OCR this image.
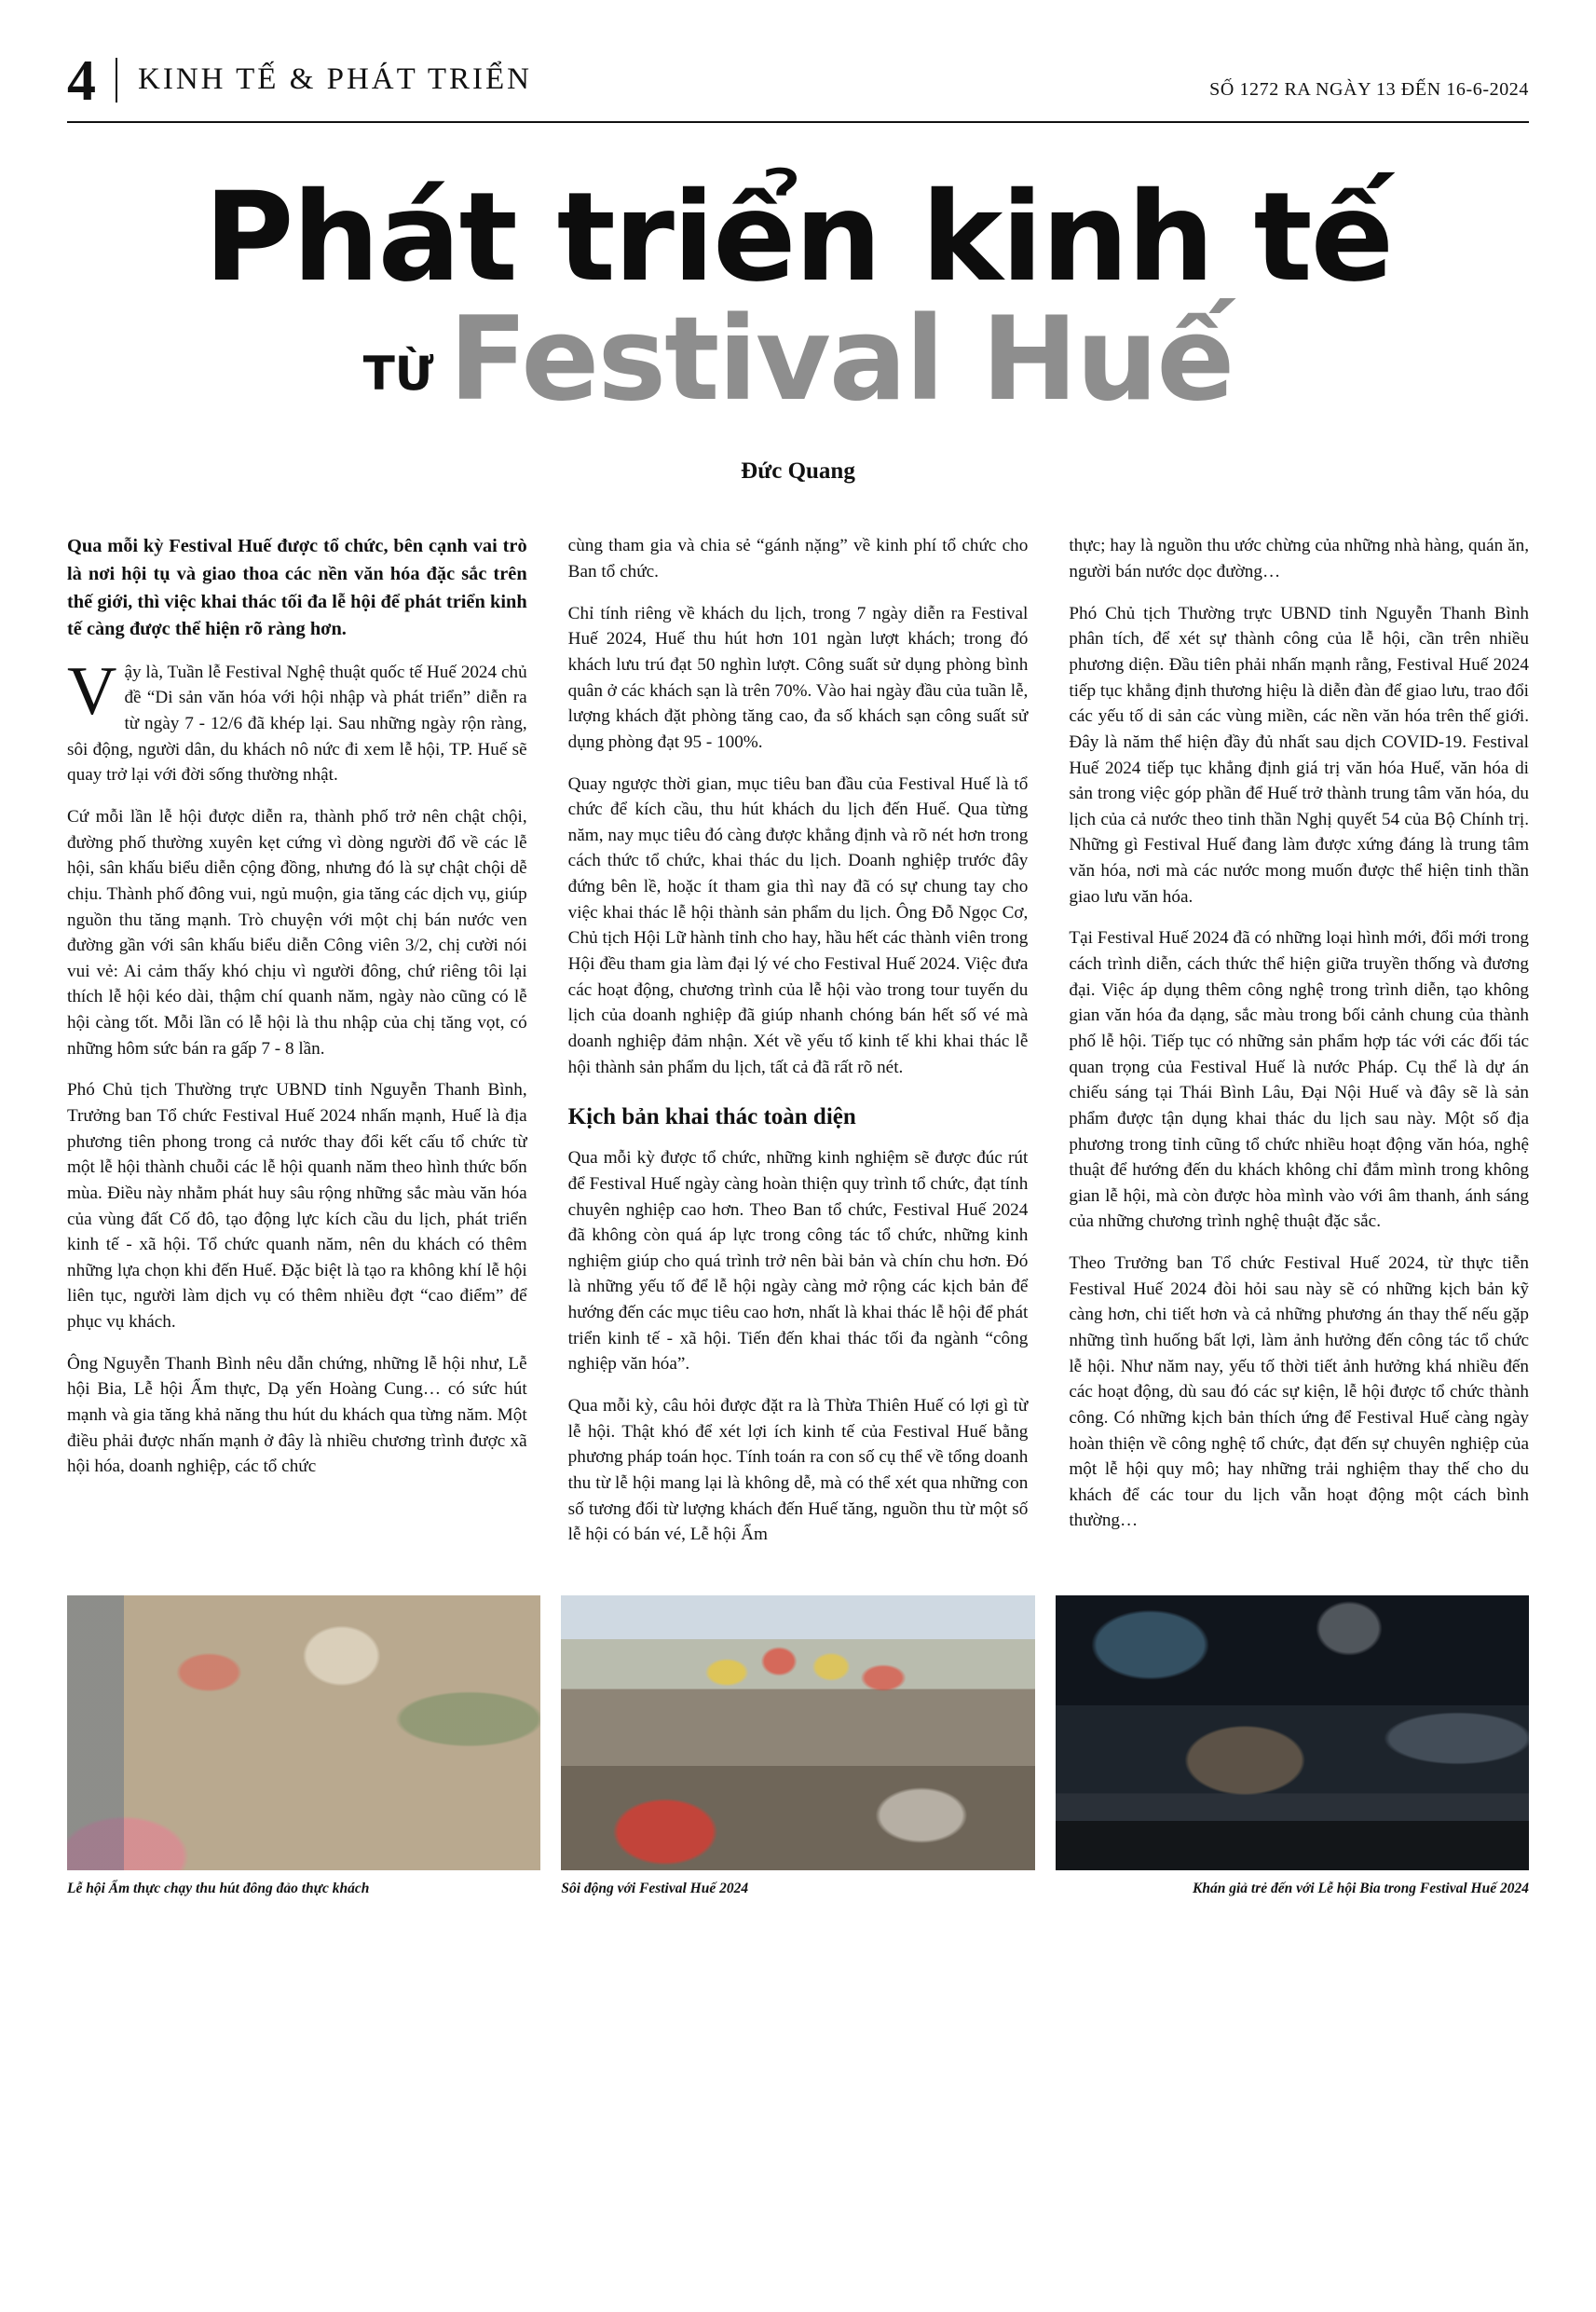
4 KINH TẾ & PHÁT TRIỂN	SỐ 1272 RA NGÀY 13 ĐẾN 16-6-2024
Phát triển kinh tế
TỪ Festival Huế
Đức Quang

Qua mỗi kỳ Festival Huế được tổ chức, bên cạnh vai trò là nơi hội tụ và giao thoa các nền văn hóa đặc sắc trên thế giới, thì việc khai thác tối đa lễ hội để phát triển kinh tế càng được thể hiện rõ ràng hơn.

Vậy là, Tuần lễ Festival Nghệ thuật quốc tế Huế 2024 chủ đề “Di sản văn hóa với hội nhập và phát triển” diễn ra từ ngày 7 - 12/6 đã khép lại. Sau những ngày rộn ràng, sôi động, người dân, du khách nô nức đi xem lễ hội, TP. Huế sẽ quay trở lại với đời sống thường nhật.

Cứ mỗi lần lễ hội được diễn ra, thành phố trở nên chật chội, đường phố thường xuyên kẹt cứng vì dòng người đổ về các lễ hội, sân khấu biểu diễn cộng đồng, nhưng đó là sự chật chội dễ chịu. Thành phố đông vui, ngủ muộn, gia tăng các dịch vụ, giúp nguồn thu tăng mạnh. Trò chuyện với một chị bán nước ven đường gần với sân khấu biểu diễn Công viên 3/2, chị cười nói vui vẻ: Ai cảm thấy khó chịu vì người đông, chứ riêng tôi lại thích lễ hội kéo dài, thậm chí quanh năm, ngày nào cũng có lễ hội càng tốt. Mỗi lần có lễ hội là thu nhập của chị tăng vọt, có những hôm sức bán ra gấp 7 - 8 lần.

Phó Chủ tịch Thường trực UBND tỉnh Nguyễn Thanh Bình, Trưởng ban Tổ chức Festival Huế 2024 nhấn mạnh, Huế là địa phương tiên phong trong cả nước thay đổi kết cấu tổ chức từ một lễ hội thành chuỗi các lễ hội quanh năm theo hình thức bốn mùa. Điều này nhằm phát huy sâu rộng những sắc màu văn hóa của vùng đất Cố đô, tạo động lực kích cầu du lịch, phát triển kinh tế - xã hội. Tổ chức quanh năm, nên du khách có thêm những lựa chọn khi đến Huế. Đặc biệt là tạo ra không khí lễ hội liên tục, người làm dịch vụ có thêm nhiều đợt “cao điểm” để phục vụ khách.

Ông Nguyễn Thanh Bình nêu dẫn chứng, những lễ hội như, Lễ hội Bia, Lễ hội Ẩm thực, Dạ yến Hoàng Cung… có sức hút mạnh và gia tăng khả năng thu hút du khách qua từng năm. Một điều phải được nhấn mạnh ở đây là nhiều chương trình được xã hội hóa, doanh nghiệp, các tổ chức

cùng tham gia và chia sẻ “gánh nặng” về kinh phí tổ chức cho Ban tổ chức.

Chỉ tính riêng về khách du lịch, trong 7 ngày diễn ra Festival Huế 2024, Huế thu hút hơn 101 ngàn lượt khách; trong đó khách lưu trú đạt 50 nghìn lượt. Công suất sử dụng phòng bình quân ở các khách sạn là trên 70%. Vào hai ngày đầu của tuần lễ, lượng khách đặt phòng tăng cao, đa số khách sạn công suất sử dụng phòng đạt 95 - 100%.

Quay ngược thời gian, mục tiêu ban đầu của Festival Huế là tổ chức để kích cầu, thu hút khách du lịch đến Huế. Qua từng năm, nay mục tiêu đó càng được khẳng định và rõ nét hơn trong cách thức tổ chức, khai thác du lịch. Doanh nghiệp trước đây đứng bên lề, hoặc ít tham gia thì nay đã có sự chung tay cho việc khai thác lễ hội thành sản phẩm du lịch. Ông Đỗ Ngọc Cơ, Chủ tịch Hội Lữ hành tỉnh cho hay, hầu hết các thành viên trong Hội đều tham gia làm đại lý vé cho Festival Huế 2024. Việc đưa các hoạt động, chương trình của lễ hội vào trong tour tuyến du lịch của doanh nghiệp đã giúp nhanh chóng bán hết số vé mà doanh nghiệp đảm nhận. Xét về yếu tố kinh tế khi khai thác lễ hội thành sản phẩm du lịch, tất cả đã rất rõ nét.

Kịch bản khai thác toàn diện

Qua mỗi kỳ được tổ chức, những kinh nghiệm sẽ được đúc rút để Festival Huế ngày càng hoàn thiện quy trình tổ chức, đạt tính chuyên nghiệp cao hơn. Theo Ban tổ chức, Festival Huế 2024 đã không còn quá áp lực trong công tác tổ chức, những kinh nghiệm giúp cho quá trình trở nên bài bản và chín chu hơn. Đó là những yếu tố để lễ hội ngày càng mở rộng các kịch bản để hướng đến các mục tiêu cao hơn, nhất là khai thác lễ hội để phát triển kinh tế - xã hội. Tiến đến khai thác tối đa ngành “công nghiệp văn hóa”.

Qua mỗi kỳ, câu hỏi được đặt ra là Thừa Thiên Huế có lợi gì từ lễ hội. Thật khó để xét lợi ích kinh tế của Festival Huế bằng phương pháp toán học. Tính toán ra con số cụ thể về tổng doanh thu từ lễ hội mang lại là không dễ, mà có thể xét qua những con số tương đối từ lượng khách đến Huế tăng, nguồn thu từ một số lễ hội có bán vé, Lễ hội Ẩm

thực; hay là nguồn thu ước chừng của những nhà hàng, quán ăn, người bán nước dọc đường…

Phó Chủ tịch Thường trực UBND tỉnh Nguyễn Thanh Bình phân tích, để xét sự thành công của lễ hội, cần trên nhiều phương diện. Đầu tiên phải nhấn mạnh rằng, Festival Huế 2024 tiếp tục khẳng định thương hiệu là diễn đàn để giao lưu, trao đổi các yếu tố di sản các vùng miền, các nền văn hóa trên thế giới. Đây là năm thể hiện đầy đủ nhất sau dịch COVID-19. Festival Huế 2024 tiếp tục khẳng định giá trị văn hóa Huế, văn hóa di sản trong việc góp phần để Huế trở thành trung tâm văn hóa, du lịch của cả nước theo tinh thần Nghị quyết 54 của Bộ Chính trị. Những gì Festival Huế đang làm được xứng đáng là trung tâm văn hóa, nơi mà các nước mong muốn được thể hiện tinh thần giao lưu văn hóa.

Tại Festival Huế 2024 đã có những loại hình mới, đổi mới trong cách trình diễn, cách thức thể hiện giữa truyền thống và đương đại. Việc áp dụng thêm công nghệ trong trình diễn, tạo không gian văn hóa đa dạng, sắc màu trong bối cảnh chung của thành phố lễ hội. Tiếp tục có những sản phẩm hợp tác với các đối tác quan trọng của Festival Huế là nước Pháp. Cụ thể là dự án chiếu sáng tại Thái Bình Lâu, Đại Nội Huế và đây sẽ là sản phẩm được tận dụng khai thác du lịch sau này. Một số địa phương trong tỉnh cũng tổ chức nhiều hoạt động văn hóa, nghệ thuật để hướng đến du khách không chỉ đắm mình trong không gian lễ hội, mà còn được hòa mình vào với âm thanh, ánh sáng của những chương trình nghệ thuật đặc sắc.

Theo Trưởng ban Tổ chức Festival Huế 2024, từ thực tiễn Festival Huế 2024 đòi hỏi sau này sẽ có những kịch bản kỹ càng hơn, chi tiết hơn và cả những phương án thay thế nếu gặp những tình huống bất lợi, làm ảnh hưởng đến công tác tổ chức lễ hội. Như năm nay, yếu tố thời tiết ảnh hưởng khá nhiều đến các hoạt động, dù sau đó các sự kiện, lễ hội được tổ chức thành công. Có những kịch bản thích ứng để Festival Huế càng ngày hoàn thiện về công nghệ tổ chức, đạt đến sự chuyên nghiệp của một lễ hội quy mô; hay những trải nghiệm thay thế cho du khách để các tour du lịch vẫn hoạt động một cách bình thường…

Lễ hội Ẩm thực chạy thu hút đông đảo thực khách	Sôi động với Festival Huế 2024	Khán giả trẻ đến với Lễ hội Bia trong Festival Huế 2024
